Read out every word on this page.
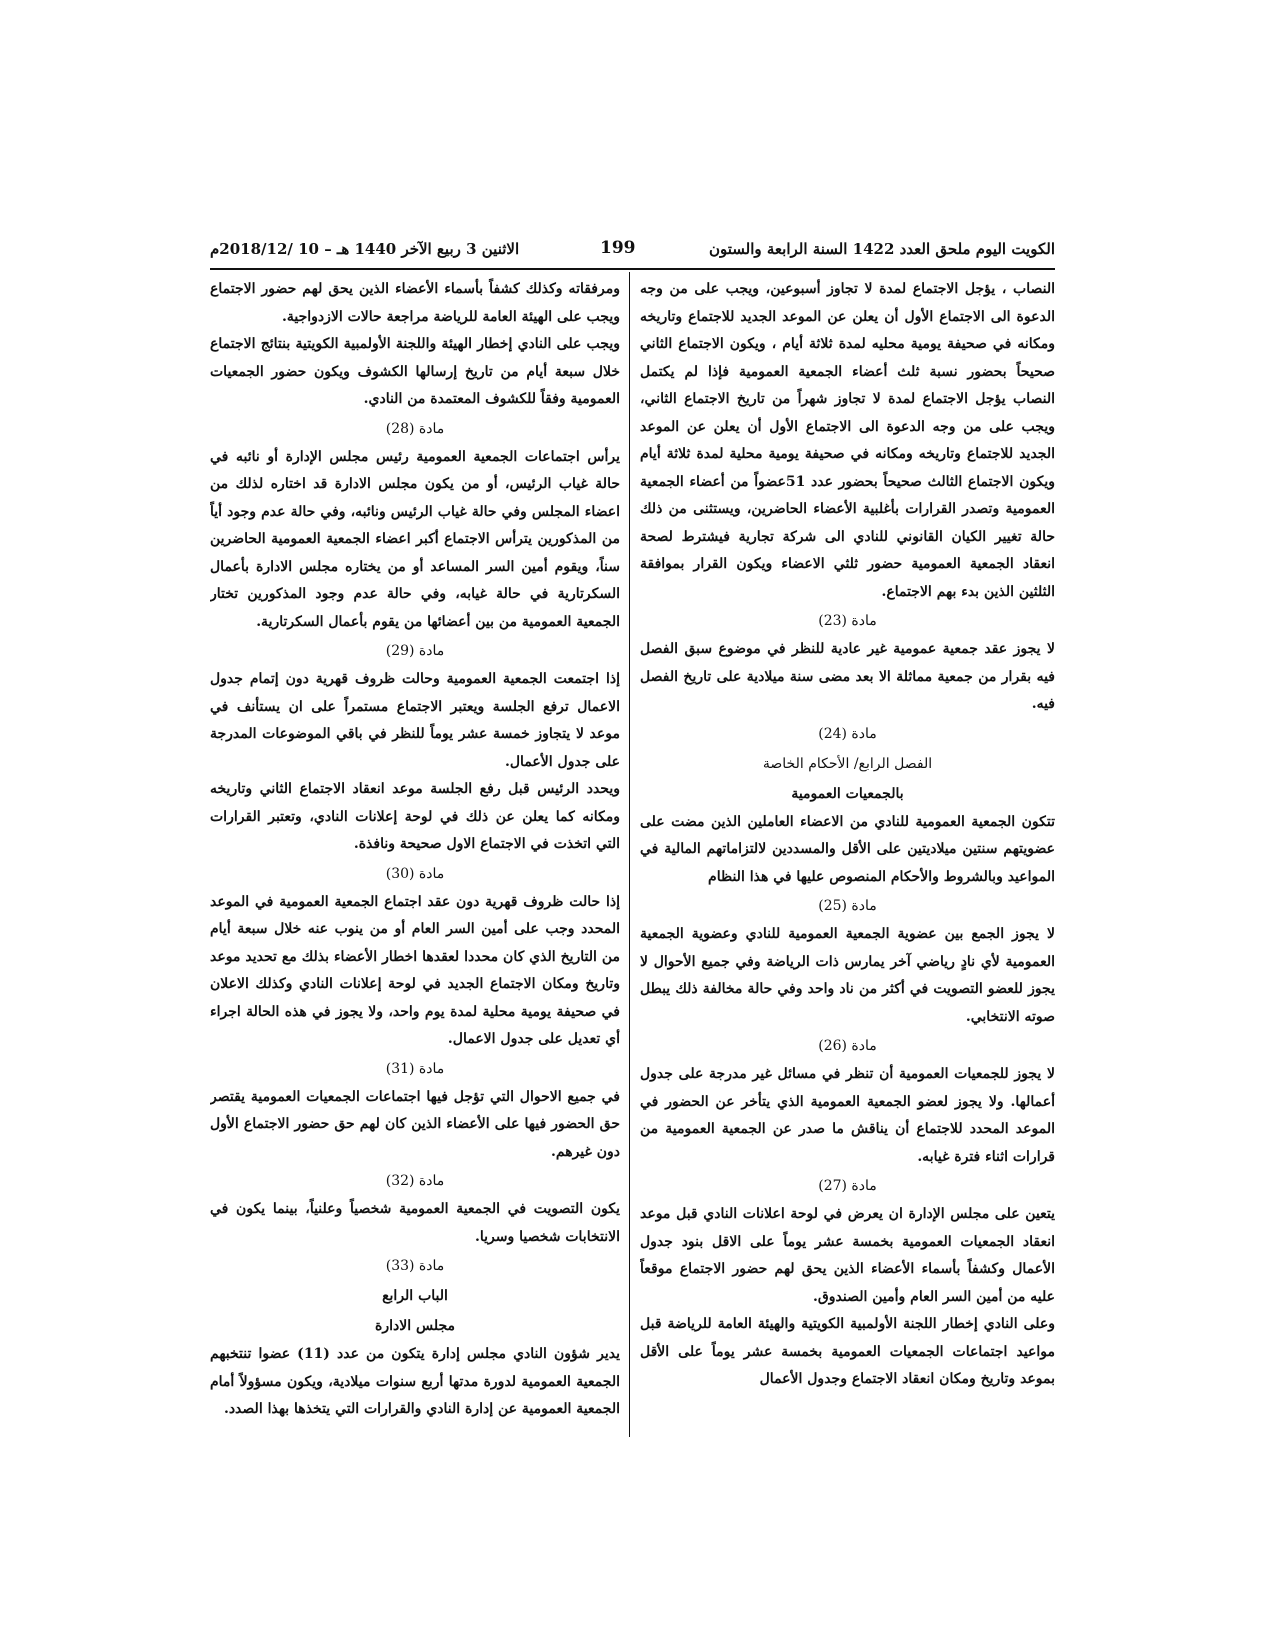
الكويت اليوم ملحق العدد 1422 السنة الرابعة والستون
199
الاثنين 3 ربيع الآخر 1440 هـ – 10 /2018/12م

النصاب ، يؤجل الاجتماع لمدة لا تجاوز أسبوعين، ويجب على من وجه الدعوة الى الاجتماع الأول أن يعلن عن الموعد الجديد للاجتماع وتاريخه ومكانه في صحيفة يومية محليه لمدة ثلاثة أيام ، ويكون الاجتماع الثاني صحيحاً بحضور نسبة ثلث أعضاء الجمعية العمومية فإذا لم يكتمل النصاب يؤجل الاجتماع لمدة لا تجاوز شهراً من تاريخ الاجتماع الثاني، ويجب على من وجه الدعوة الى الاجتماع الأول أن يعلن عن الموعد الجديد للاجتماع وتاريخه ومكانه في صحيفة يومية محلية لمدة ثلاثة أيام ويكون الاجتماع الثالث صحيحاً بحضور عدد 51عضواً من أعضاء الجمعية العمومية وتصدر القرارات بأغلبية الأعضاء الحاضرين، ويستثنى من ذلك حالة تغيير الكيان القانوني للنادي الى شركة تجارية فيشترط لصحة انعقاد الجمعية العمومية حضور ثلثي الاعضاء ويكون القرار بموافقة الثلثين الذين بدء بهم الاجتماع.

مادة (23)

لا يجوز عقد جمعية عمومية غير عادية للنظر في موضوع سبق الفصل فيه بقرار من جمعية مماثلة الا بعد مضى سنة ميلادية على تاريخ الفصل فيه.

مادة (24)

الفصل الرابع/ الأحكام الخاصة

بالجمعيات العمومية

تتكون الجمعية العمومية للنادي من الاعضاء العاملين الذين مضت على عضويتهم سنتين ميلاديتين على الأقل والمسددين لالتزاماتهم المالية في المواعيد وبالشروط والأحكام المنصوص عليها في هذا النظام

مادة (25)

لا يجوز الجمع بين عضوية الجمعية العمومية للنادي وعضوية الجمعية العمومية لأي نادٍ رياضي آخر يمارس ذات الرياضة وفي جميع الأحوال لا يجوز للعضو التصويت في أكثر من ناد واحد وفي حالة مخالفة ذلك يبطل صوته الانتخابي.

مادة (26)

لا يجوز للجمعيات العمومية أن تنظر في مسائل غير مدرجة على جدول أعمالها. ولا يجوز لعضو الجمعية العمومية الذي يتأخر عن الحضور في الموعد المحدد للاجتماع أن يناقش ما صدر عن الجمعية العمومية من قرارات اثناء فترة غيابه.

مادة (27)

يتعين على مجلس الإدارة ان يعرض في لوحة اعلانات النادي قبل موعد انعقاد الجمعيات العمومية بخمسة عشر يوماً على الاقل بنود جدول الأعمال وكشفاً بأسماء الأعضاء الذين يحق لهم حضور الاجتماع موقعاً عليه من أمين السر العام وأمين الصندوق.

وعلى النادي إخطار اللجنة الأولمبية الكويتية والهيئة العامة للرياضة قبل مواعيد اجتماعات الجمعيات العمومية بخمسة عشر يوماً على الأقل بموعد وتاريخ ومكان انعقاد الاجتماع وجدول الأعمال

ومرفقاته وكذلك كشفاً بأسماء الأعضاء الذين يحق لهم حضور الاجتماع ويجب على الهيئة العامة للرياضة مراجعة حالات الازدواجية.

ويجب على النادي إخطار الهيئة واللجنة الأولمبية الكويتية بنتائج الاجتماع خلال سبعة أيام من تاريخ إرسالها الكشوف ويكون حضور الجمعيات العمومية وفقاً للكشوف المعتمدة من النادي.

مادة (28)

يرأس اجتماعات الجمعية العمومية رئيس مجلس الإدارة أو نائبه في حالة غياب الرئيس، أو من يكون مجلس الادارة قد اختاره لذلك من اعضاء المجلس وفي حالة غياب الرئيس ونائبه، وفي حالة عدم وجود أياً من المذكورين يترأس الاجتماع أكبر اعضاء الجمعية العمومية الحاضرين سناً، ويقوم أمين السر المساعد أو من يختاره مجلس الادارة بأعمال السكرتارية في حالة غيابه، وفي حالة عدم وجود المذكورين تختار الجمعية العمومية من بين أعضائها من يقوم بأعمال السكرتارية.

مادة (29)

إذا اجتمعت الجمعية العمومية وحالت ظروف قهرية دون إتمام جدول الاعمال ترفع الجلسة ويعتبر الاجتماع مستمراً على ان يستأنف في موعد لا يتجاوز خمسة عشر يوماً للنظر في باقي الموضوعات المدرجة على جدول الأعمال.

ويحدد الرئيس قبل رفع الجلسة موعد انعقاد الاجتماع الثاني وتاريخه ومكانه كما يعلن عن ذلك في لوحة إعلانات النادي، وتعتبر القرارات التي اتخذت في الاجتماع الاول صحيحة ونافذة.

مادة (30)

إذا حالت ظروف قهرية دون عقد اجتماع الجمعية العمومية في الموعد المحدد وجب على أمين السر العام أو من ينوب عنه خلال سبعة أيام من التاريخ الذي كان محددا لعقدها اخطار الأعضاء بذلك مع تحديد موعد وتاريخ ومكان الاجتماع الجديد في لوحة إعلانات النادي وكذلك الاعلان في صحيفة يومية محلية لمدة يوم واحد، ولا يجوز في هذه الحالة اجراء أي تعديل على جدول الاعمال.

مادة (31)

في جميع الاحوال التي تؤجل فيها اجتماعات الجمعيات العمومية يقتصر حق الحضور فيها على الأعضاء الذين كان لهم حق حضور الاجتماع الأول دون غيرهم.

مادة (32)

يكون التصويت في الجمعية العمومية شخصياً وعلنياً، بينما يكون في الانتخابات شخصيا وسريا.

مادة (33)

الباب الرابع

مجلس الادارة

يدير شؤون النادي مجلس إدارة يتكون من عدد (11) عضوا تنتخبهم الجمعية العمومية لدورة مدتها أربع سنوات ميلادية، ويكون مسؤولاً أمام الجمعية العمومية عن إدارة النادي والقرارات التي يتخذها بهذا الصدد.
